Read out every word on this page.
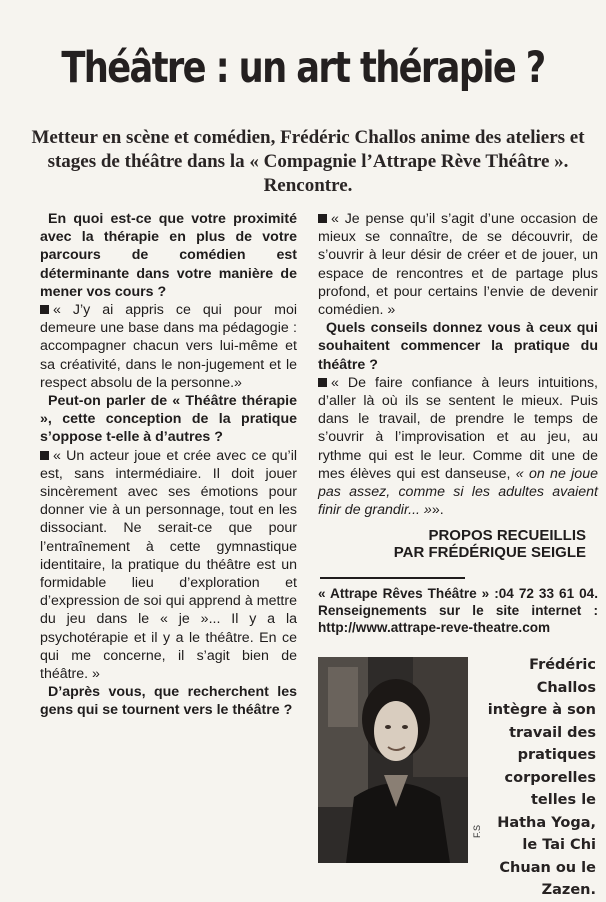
Théâtre : un art thérapie ?
Metteur en scène et comédien, Frédéric Challos anime des ateliers et stages de théâtre dans la « Compagnie l’Attrape Rève Théâtre ». Rencontre.

En quoi est-ce que votre proximité avec la thérapie en plus de votre parcours de comédien est déterminante dans votre manière de mener vos cours ?

« J’y ai appris ce qui pour moi demeure une base dans ma pédagogie : accompagner chacun vers lui-même et sa créativité, dans le non-jugement et le respect absolu de la personne.»

Peut-on parler de « Théâtre thérapie », cette conception de la pratique s’oppose t-elle à d’autres ?

« Un acteur joue et crée avec ce qu’il est, sans intermédiaire. Il doit jouer sincèrement avec ses émotions pour donner vie à un personnage, tout en les dissociant. Ne serait-ce que pour l’entraînement à cette gymnastique identitaire, la pratique du théâtre est un formidable lieu d’exploration et d’expression de soi qui apprend à mettre du jeu dans le « je »... Il y a la psychotérapie et il y a le théâtre. En ce qui me concerne, il s’agit bien de théâtre. »

D’après vous, que recherchent les gens qui se tournent vers le théâtre ?

« Je pense qu’il s’agit d’une occasion de mieux se connaître, de se découvrir, de s’ouvrir à leur désir de créer et de jouer, un espace de rencontres et de partage plus profond, et pour certains l’envie de devenir comédien. »

Quels conseils donnez vous à ceux qui souhaitent commencer la pratique du théâtre ?

« De faire confiance à leurs intuitions, d’aller là où ils se sentent le mieux. Puis dans le travail, de prendre le temps de s’ouvrir à l’improvisation et au jeu, au rythme qui est le leur. Comme dit une de mes élèves qui est danseuse, « on ne joue pas assez, comme si les adultes avaient finir de grandir... »».

PROPOS RECUEILLIS
PAR FRÉDÉRIQUE SEIGLE
« Attrape Rêves Théâtre » :04 72 33 61 04. Renseignements sur le site internet : http://www.attrape-reve-theatre.com
F.S
Frédéric Challos intègre à son travail des pratiques corporelles telles le Hatha Yoga, le Tai Chi Chuan ou le Zazen.
